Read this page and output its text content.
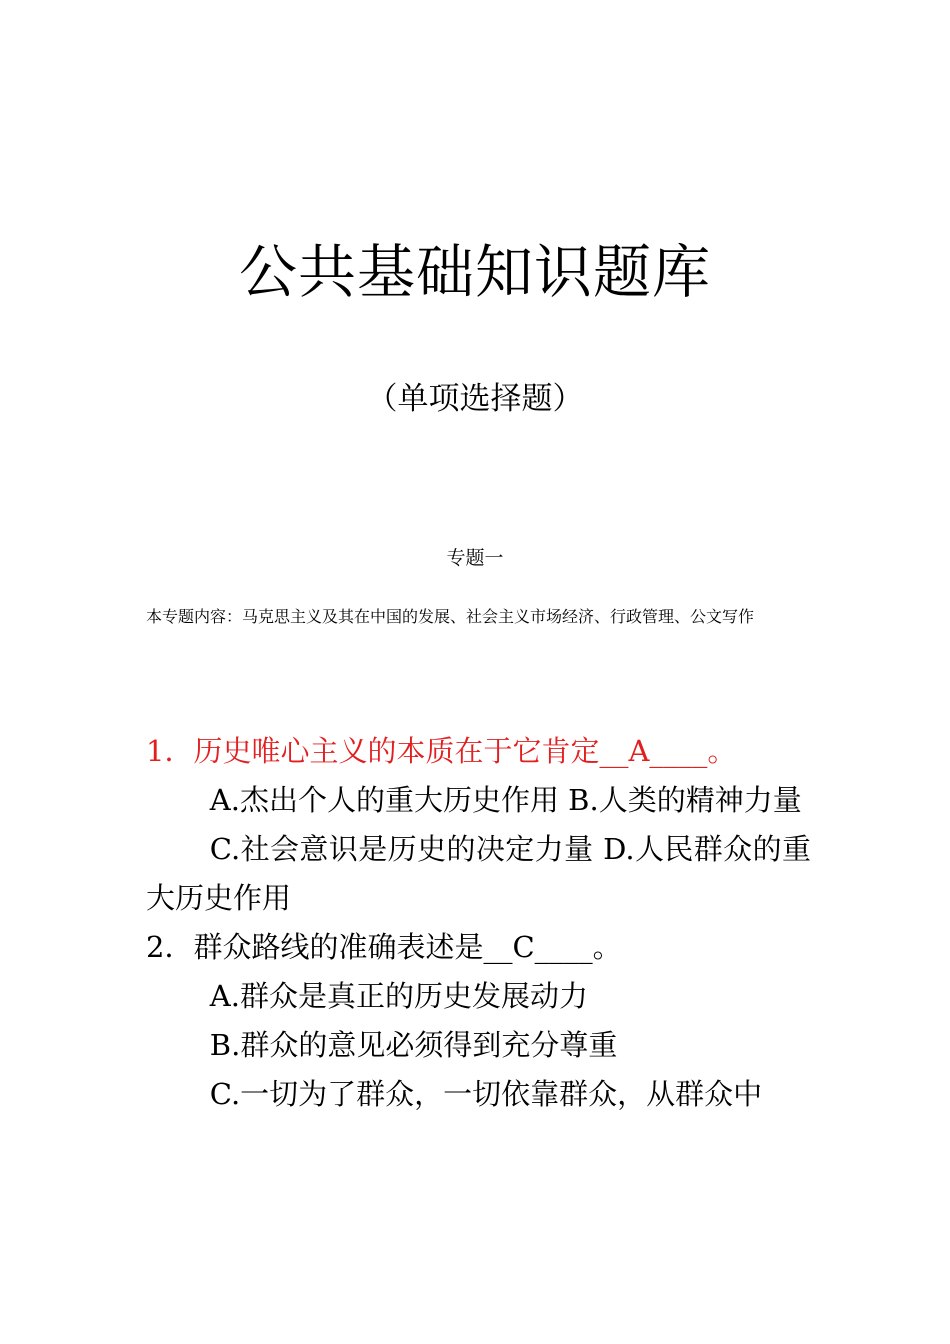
公共基础知识题库
（单项选择题）
专题一
本专题内容：马克思主义及其在中国的发展、社会主义市场经济、行政管理、公文写作
1．历史唯心主义的本质在于它肯定__A____。
A.杰出个人的重大历史作用 B.人类的精神力量
C.社会意识是历史的决定力量 D.人民群众的重大历史作用
2．群众路线的准确表述是__C____。
A.群众是真正的历史发展动力
B.群众的意见必须得到充分尊重
C.一切为了群众，一切依靠群众，从群众中
